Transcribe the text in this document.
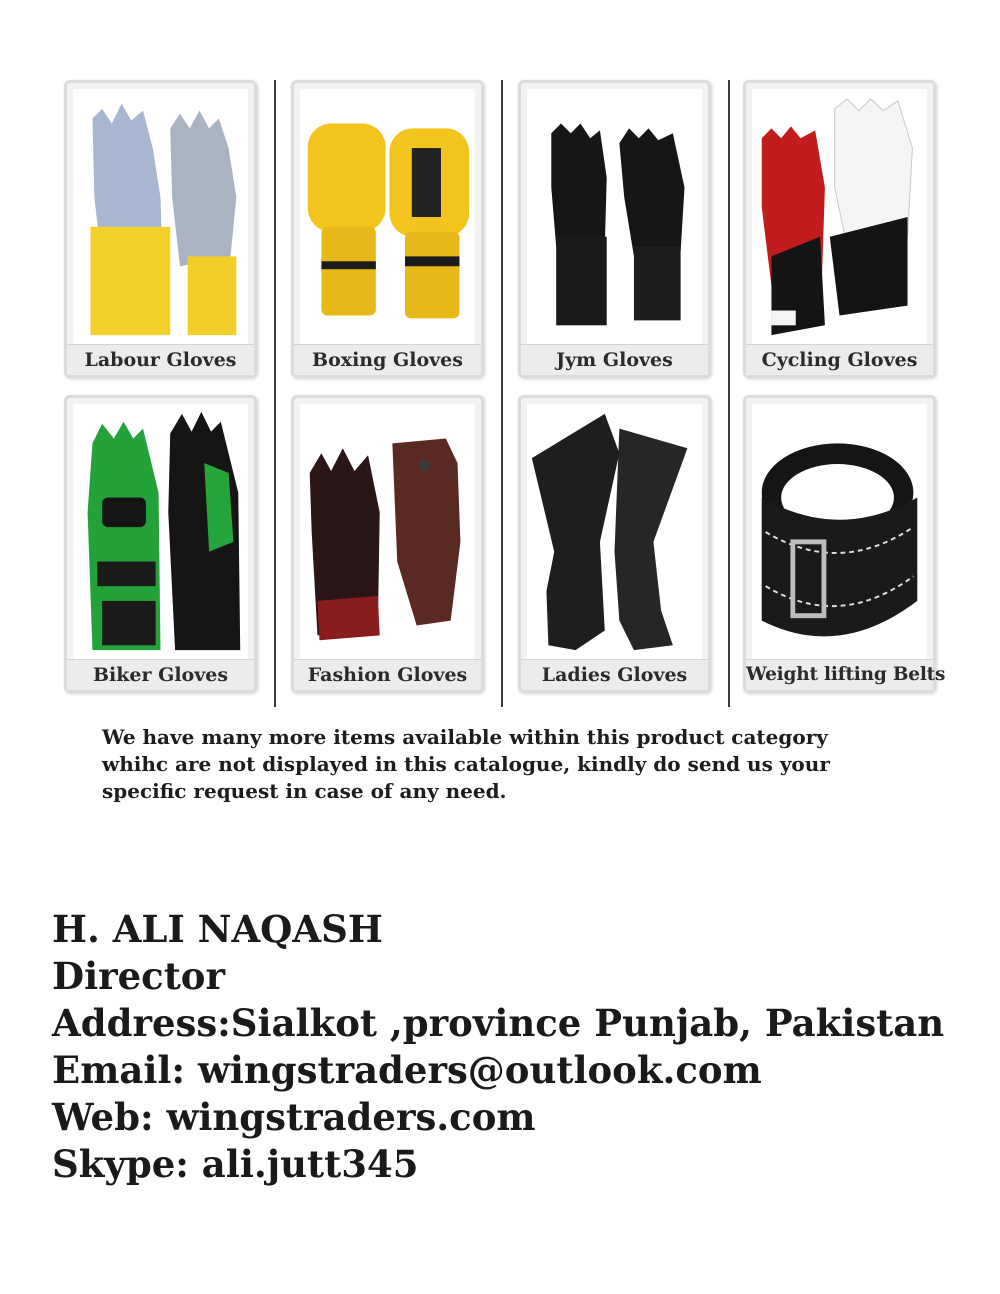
Labour Gloves	Boxing Gloves	Jym Gloves	Cycling Gloves
Biker Gloves	Fashion Gloves	Ladies Gloves	Weight lifting Belts
We have many more items available within this product category
whihc are not displayed in this catalogue, kindly do send us your
specific request in case of any need.
H. ALI NAQASH
Director
Address:Sialkot ,province Punjab, Pakistan
Email: wingstraders@outlook.com
Web: wingstraders.com
Skype: ali.jutt345
